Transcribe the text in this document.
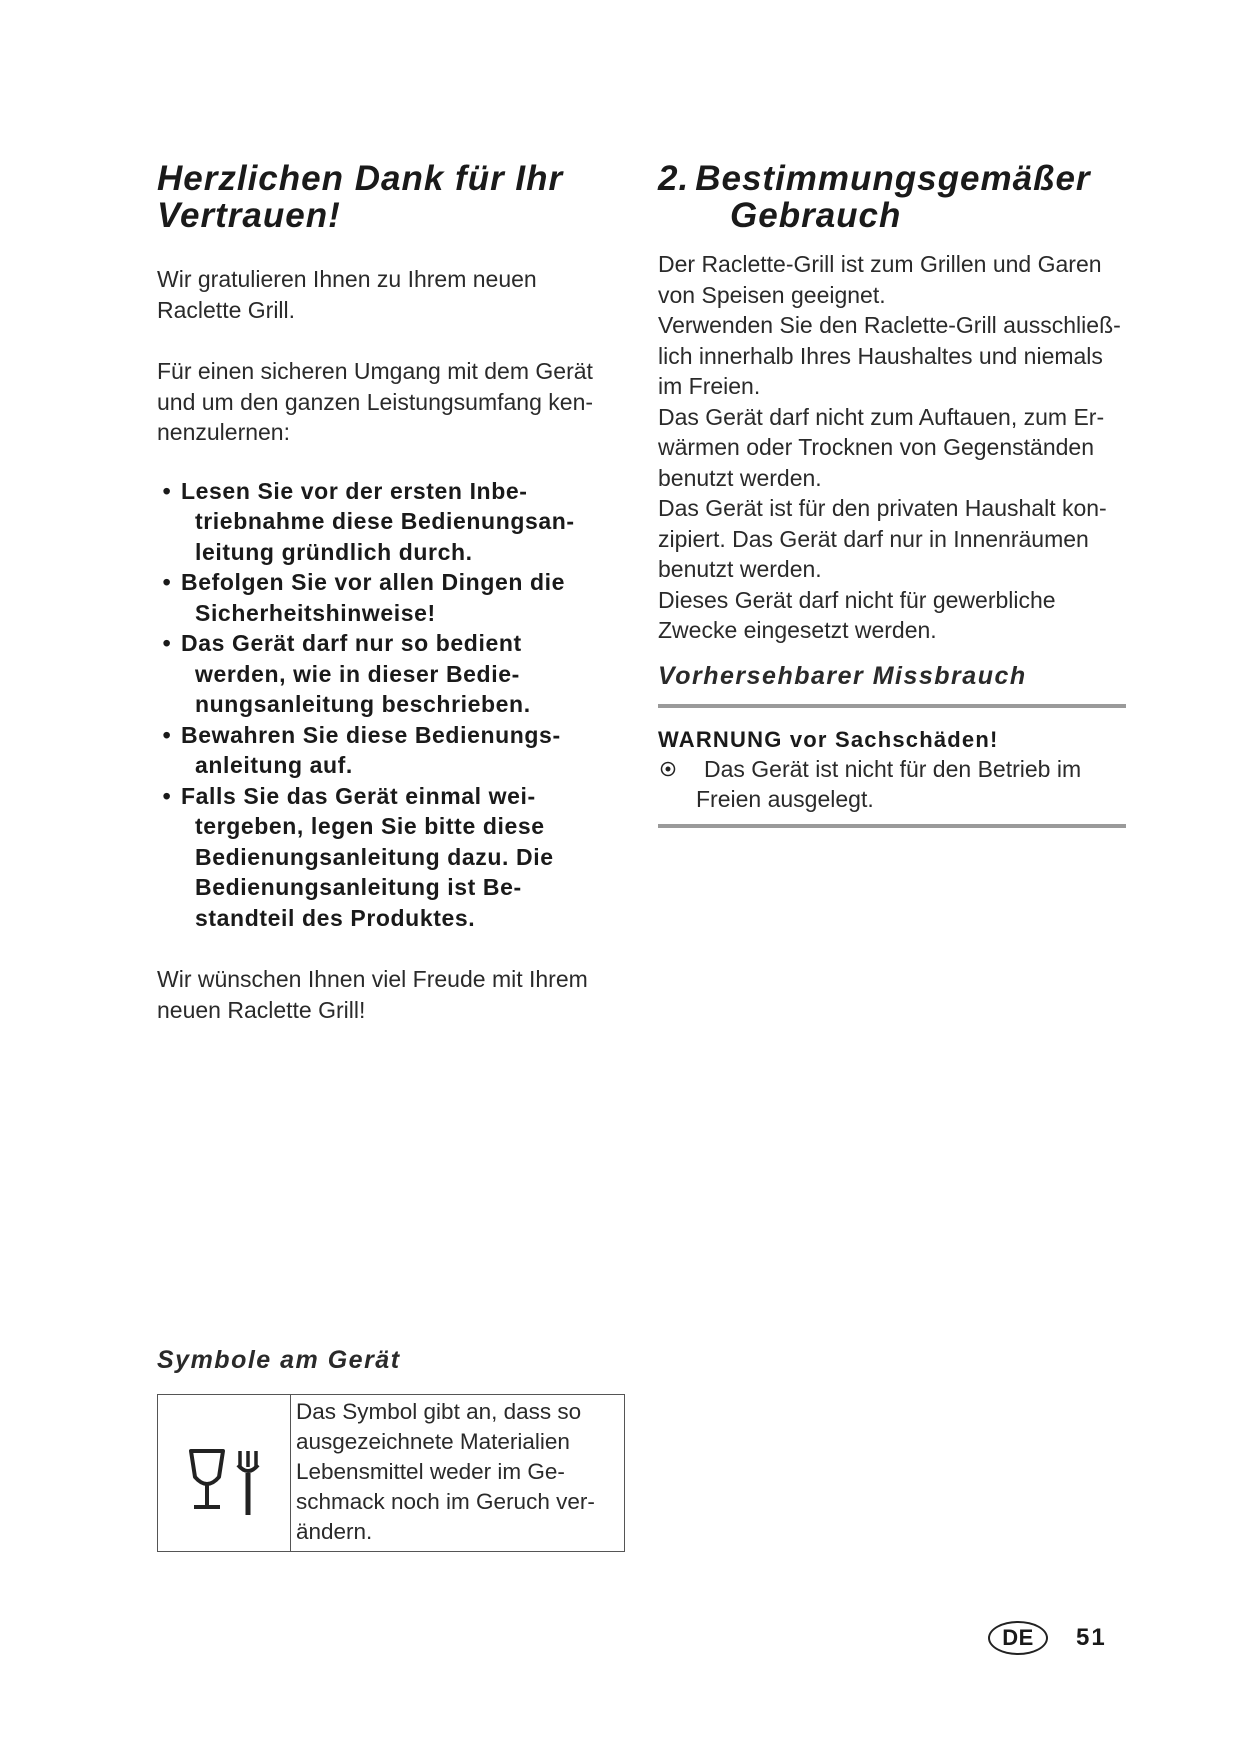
Herzlichen Dank für Ihr
Vertrauen!
Wir gratulieren Ihnen zu Ihrem neuen
Raclette Grill.
Für einen sicheren Umgang mit dem Gerät
und um den ganzen Leistungsumfang ken-
nenzulernen:
• Lesen Sie vor der ersten Inbe-
triebnahme diese Bedienungsan-
leitung gründlich durch.
• Befolgen Sie vor allen Dingen die
Sicherheitshinweise!
• Das Gerät darf nur so bedient
werden, wie in dieser Bedie-
nungsanleitung beschrieben.
• Bewahren Sie diese Bedienungs-
anleitung auf.
• Falls Sie das Gerät einmal wei-
tergeben, legen Sie bitte diese
Bedienungsanleitung dazu. Die
Bedienungsanleitung ist Be-
standteil des Produktes.
Wir wünschen Ihnen viel Freude mit Ihrem
neuen Raclette Grill!
2. Bestimmungsgemäßer
Gebrauch
Der Raclette-Grill ist zum Grillen und Garen
von Speisen geeignet.
Verwenden Sie den Raclette-Grill ausschließ-
lich innerhalb Ihres Haushaltes und niemals
im Freien.
Das Gerät darf nicht zum Auftauen, zum Er-
wärmen oder Trocknen von Gegenständen
benutzt werden.
Das Gerät ist für den privaten Haushalt kon-
zipiert. Das Gerät darf nur in Innenräumen
benutzt werden.
Dieses Gerät darf nicht für gewerbliche
Zwecke eingesetzt werden.
Vorhersehbarer Missbrauch
WARNUNG vor Sachschäden!
Das Gerät ist nicht für den Betrieb im
Freien ausgelegt.
Symbole am Gerät
Das Symbol gibt an, dass so
ausgezeichnete Materialien
Lebensmittel weder im Ge-
schmack noch im Geruch ver-
ändern.
DE	51
